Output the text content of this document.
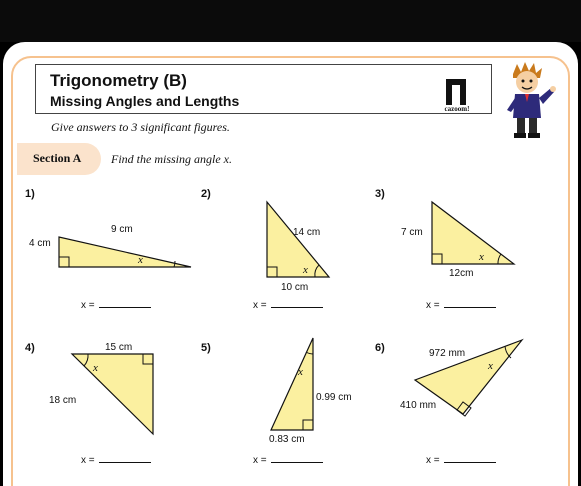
Trigonometry (B)
Missing Angles and Lengths	cazoom!
Give answers to 3 significant figures.
Section A Find the missing angle x.
1)	2)	3)
4)	5)	6)
9 cm
4 cm
x
14 cm
10 cm
x
7 cm
12cm
x
15 cm
18 cm
x
0.99 cm
0.83 cm
x
972 mm
410 mm
x
x =	x =	x =
x =	x =	x =
